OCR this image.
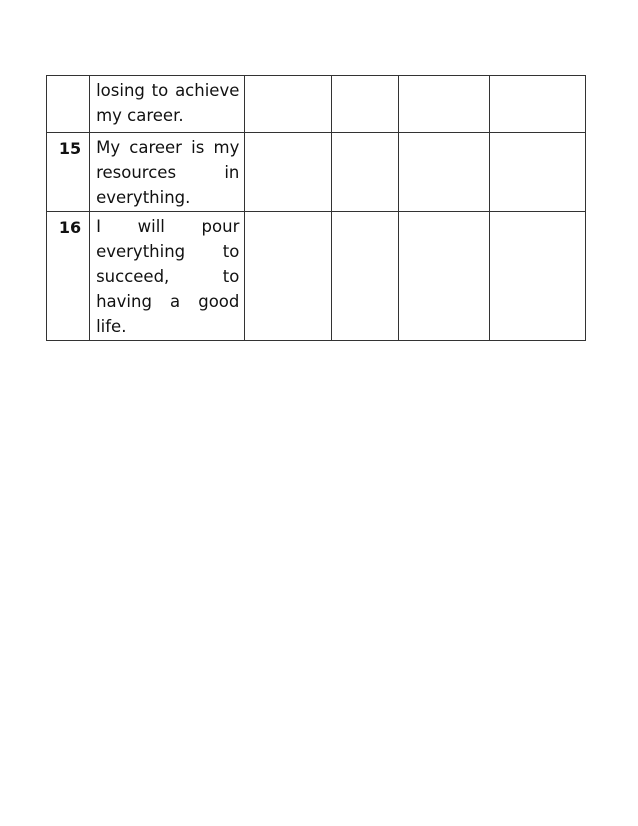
	losing to achieve
my career.				

15	My career is my
resources in
everything.				

16	I will pour
everything to
succeed, to
having a good
life.				
